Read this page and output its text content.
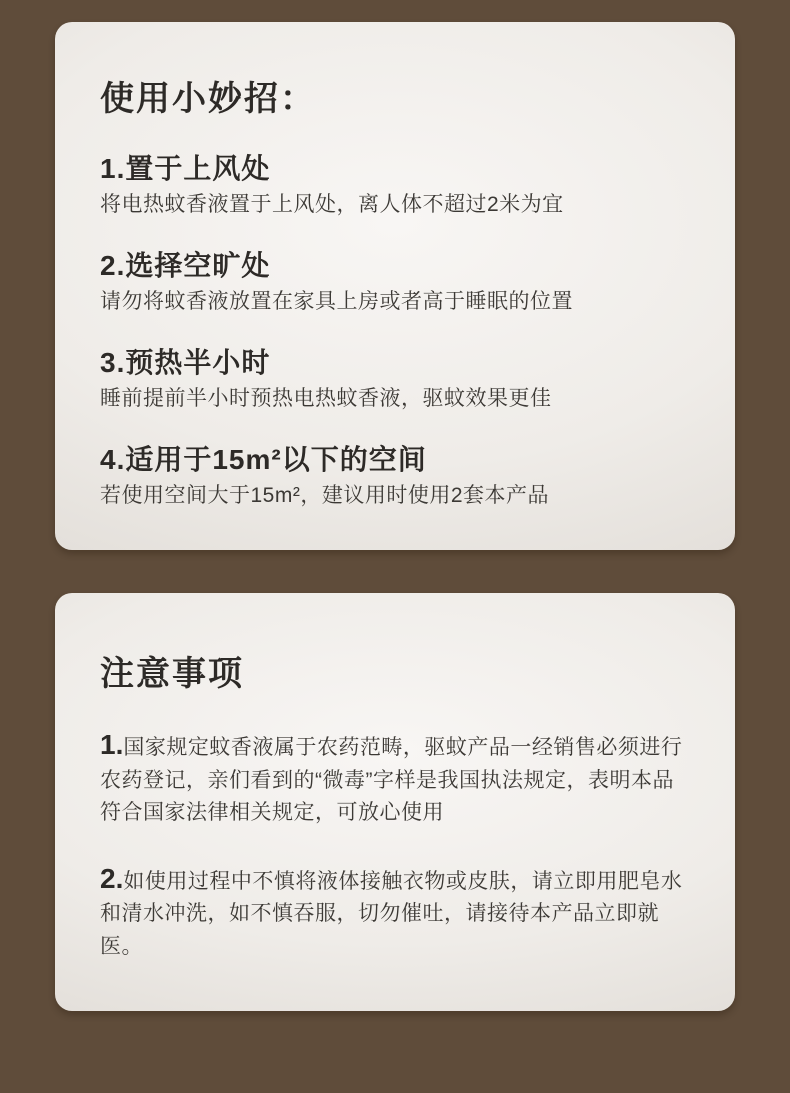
使用小妙招：
1.置于上风处

将电热蚊香液置于上风处，离人体不超过2米为宜

2.选择空旷处

请勿将蚊香液放置在家具上房或者高于睡眠的位置

3.预热半小时

睡前提前半小时预热电热蚊香液，驱蚊效果更佳

4.适用于15m²以下的空间

若使用空间大于15m²，建议用时使用2套本产品

注意事项

1.国家规定蚊香液属于农药范畴，驱蚊产品一经销售必须进行农药登记，亲们看到的“微毒”字样是我国执法规定，表明本品符合国家法律相关规定，可放心使用

2.如使用过程中不慎将液体接触衣物或皮肤，请立即用肥皂水和清水冲洗，如不慎吞服，切勿催吐，请接待本产品立即就医。
